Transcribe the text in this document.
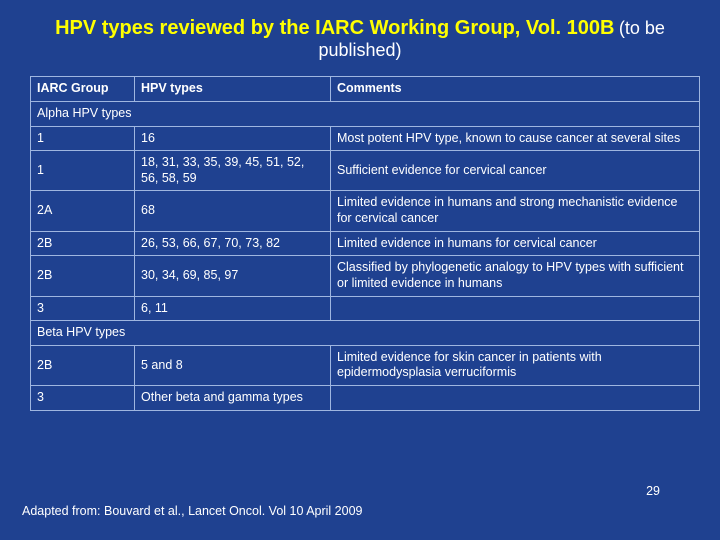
HPV types reviewed by the IARC Working Group, Vol. 100B (to be published)
IARC Group	HPV types	Comments
Alpha HPV types		
1	16	Most potent HPV type, known to cause cancer at several sites
1	18, 31, 33, 35, 39, 45, 51, 52, 56, 58, 59	Sufficient evidence for cervical cancer
2A	68	Limited evidence in humans and strong mechanistic evidence for cervical cancer
2B	26, 53, 66, 67, 70, 73, 82	Limited evidence in humans for cervical cancer
2B	30, 34, 69, 85, 97	Classified by phylogenetic analogy to HPV types with sufficient or limited evidence in humans
3	6, 11	
Beta HPV types		
2B	5 and 8	Limited evidence for skin cancer in patients with epidermodysplasia verruciformis
3	Other beta and gamma types	
29
Adapted from: Bouvard et al., Lancet Oncol. Vol 10 April 2009
